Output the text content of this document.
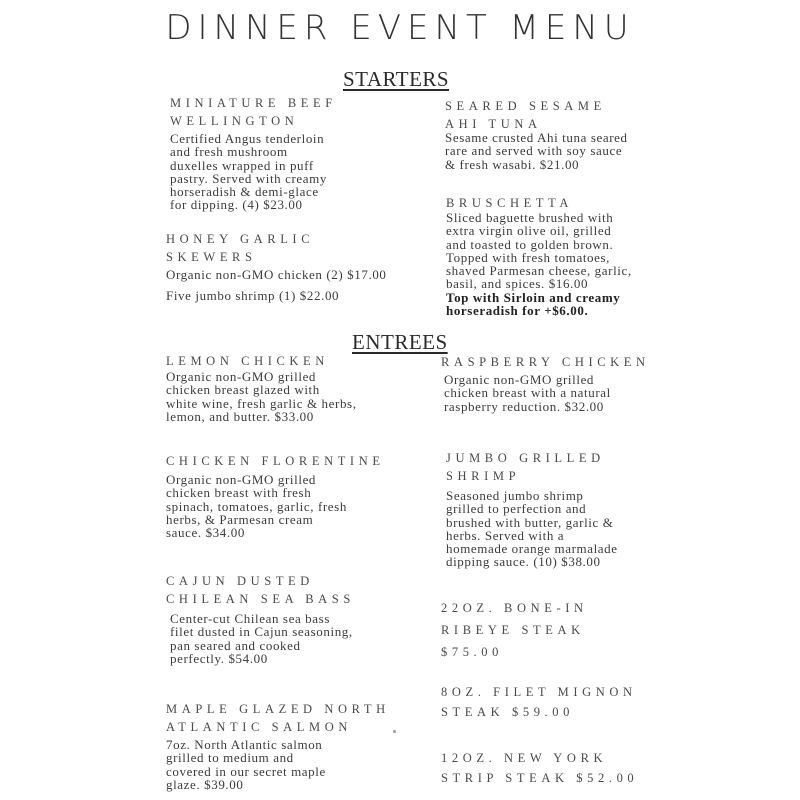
DINNER EVENT MENU
STARTERS
MINIATURE BEEF
WELLINGTON
Certified Angus tenderloin
and fresh mushroom
duxelles wrapped in puff
pastry. Served with creamy
horseradish & demi-glace
for dipping. (4) $23.00
SEARED SESAME
AHI TUNA
Sesame crusted Ahi tuna seared
rare and served with soy sauce
& fresh wasabi. $21.00
BRUSCHETTA
Sliced baguette brushed with
extra virgin olive oil, grilled
and toasted to golden brown.
Topped with fresh tomatoes,
shaved Parmesan cheese, garlic,
basil, and spices. $16.00
Top with Sirloin and creamy
horseradish for +$6.00.
HONEY GARLIC
SKEWERS
Organic non-GMO chicken (2) $17.00
Five jumbo shrimp (1) $22.00
ENTREES
LEMON CHICKEN
Organic non-GMO grilled
chicken breast glazed with
white wine, fresh garlic & herbs,
lemon, and butter. $33.00
RASPBERRY CHICKEN
Organic non-GMO grilled
chicken breast with a natural
raspberry reduction. $32.00
CHICKEN FLORENTINE
Organic non-GMO grilled
chicken breast with fresh
spinach, tomatoes, garlic, fresh
herbs, & Parmesan cream
sauce. $34.00
JUMBO GRILLED
SHRIMP
Seasoned jumbo shrimp
grilled to perfection and
brushed with butter, garlic &
herbs. Served with a
homemade orange marmalade
dipping sauce. (10) $38.00
CAJUN DUSTED
CHILEAN SEA BASS
Center-cut Chilean sea bass
filet dusted in Cajun seasoning,
pan seared and cooked
perfectly. $54.00
22OZ. BONE-IN
RIBEYE STEAK
$75.00
MAPLE GLAZED NORTH
ATLANTIC SALMON
7oz. North Atlantic salmon
grilled to medium and
covered in our secret maple
glaze. $39.00
8OZ. FILET MIGNON
STEAK $59.00
12OZ. NEW YORK
STRIP STEAK $52.00
